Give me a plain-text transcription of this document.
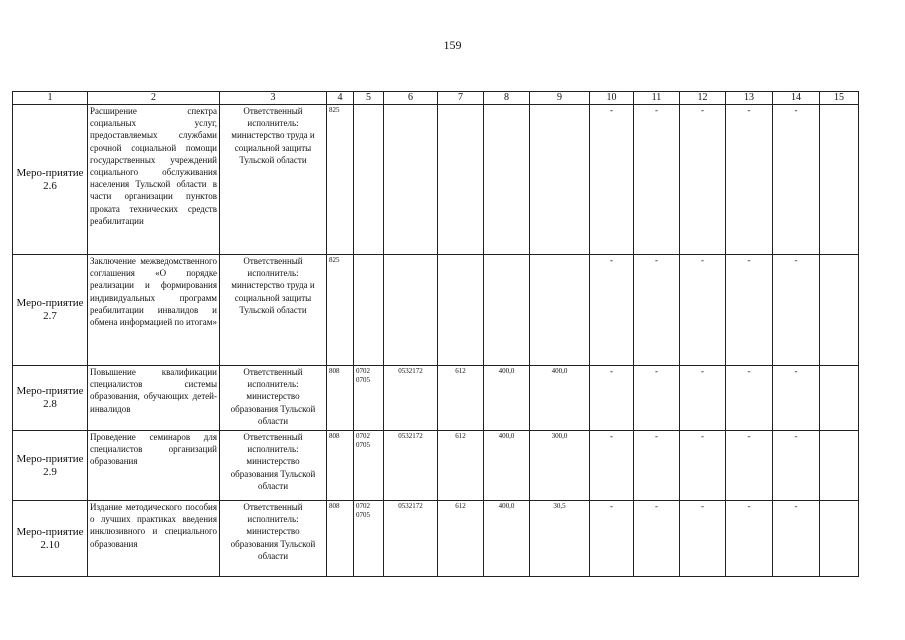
159
1	2	3	4	5	6	7	8	9	10	11	12	13	14	15
Меро-приятие 2.6	Расширение спектра социальных услуг, предоставляемых службами срочной социальной помощи государственных учреждений социального обслуживания населения Тульской области в части организации пунктов проката технических средств реабилитации	Ответственный исполнитель: министерство труда и социальной защиты Тульской области	825						-	-	-	-	-	
Меро-приятие 2.7	Заключение межведомственного соглашения «О порядке реализации и формирования индивидуальных программ реабилитации инвалидов и обмена информацией по итогам»	Ответственный исполнитель: министерство труда и социальной защиты Тульской области	825						-	-	-	-	-	
Меро-приятие 2.8	Повышение квалификации специалистов системы образования, обучающих детей-инвалидов	Ответственный исполнитель: министерство образования Тульской области	808	0702 0705	0532172	612	400,0	400,0	-	-	-	-	-	
Меро-приятие 2.9	Проведение семинаров для специалистов организаций образования	Ответственный исполнитель: министерство образования Тульской области	808	0702 0705	0532172	612	400,0	300,0	-	-	-	-	-	
Меро-приятие 2.10	Издание методического пособия о лучших практиках введения инклюзивного и специального образования	Ответственный исполнитель: министерство образования Тульской области	808	0702 0705	0532172	612	400,0	30,5	-	-	-	-	-	
